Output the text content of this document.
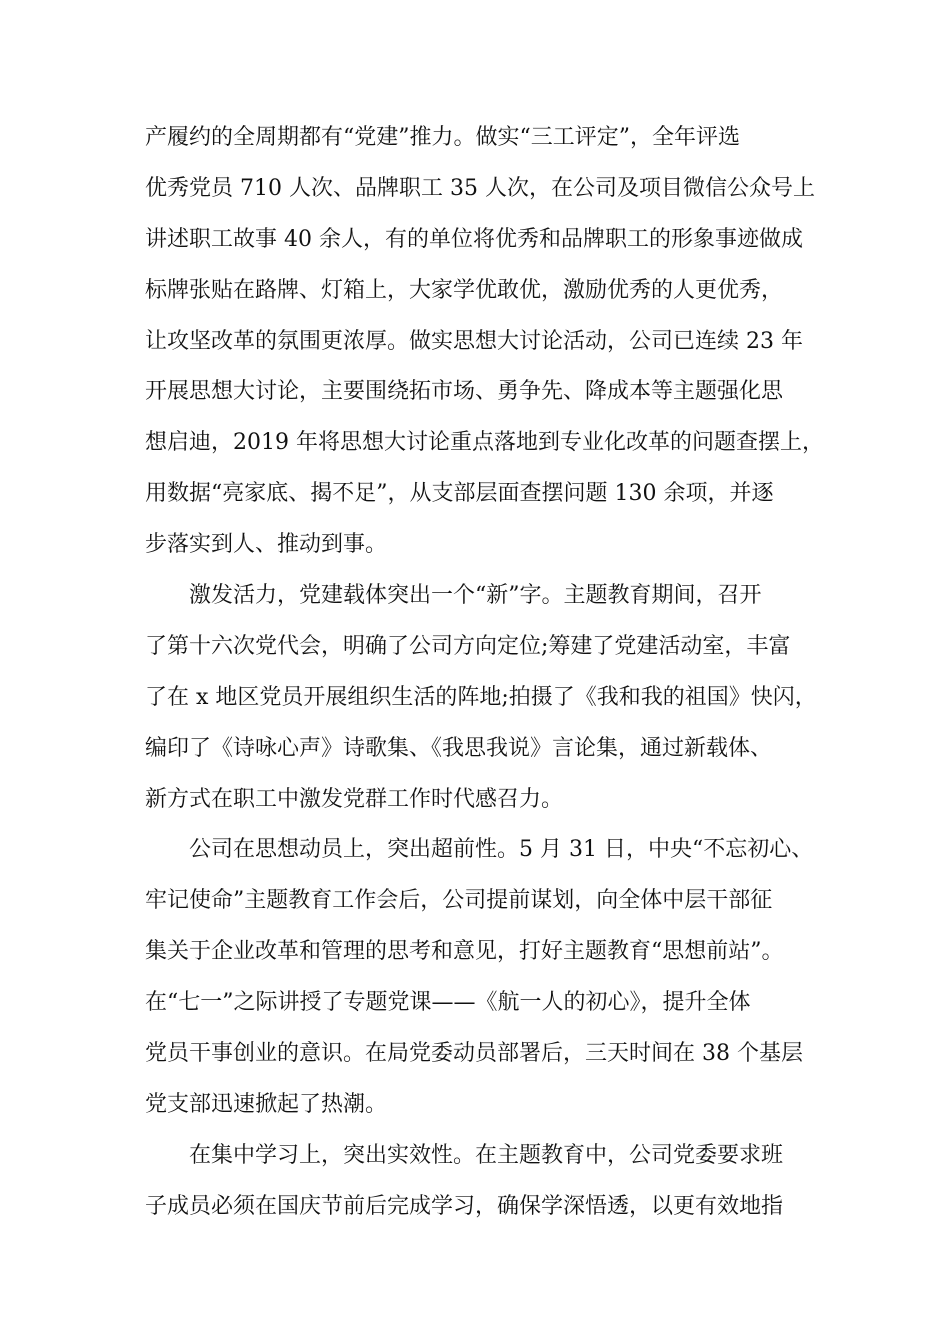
产履约的全周期都有“党建”推力。做实“三工评定”，全年评选
优秀党员 710 人次、品牌职工 35 人次，在公司及项目微信公众号上
讲述职工故事 40 余人，有的单位将优秀和品牌职工的形象事迹做成
标牌张贴在路牌、灯箱上，大家学优敢优，激励优秀的人更优秀，
让攻坚改革的氛围更浓厚。做实思想大讨论活动，公司已连续 23 年
开展思想大讨论，主要围绕拓市场、勇争先、降成本等主题强化思
想启迪，2019 年将思想大讨论重点落地到专业化改革的问题查摆上，
用数据“亮家底、揭不足”，从支部层面查摆问题 130 余项，并逐
步落实到人、推动到事。
激发活力，党建载体突出一个“新”字。主题教育期间，召开
了第十六次党代会，明确了公司方向定位;筹建了党建活动室，丰富
了在 x 地区党员开展组织生活的阵地;拍摄了《我和我的祖国》快闪，
编印了《诗咏心声》诗歌集、《我思我说》言论集，通过新载体、
新方式在职工中激发党群工作时代感召力。
公司在思想动员上，突出超前性。5 月 31 日，中央“不忘初心、
牢记使命”主题教育工作会后，公司提前谋划，向全体中层干部征
集关于企业改革和管理的思考和意见，打好主题教育“思想前站”。
在“七一”之际讲授了专题党课——《航一人的初心》，提升全体
党员干事创业的意识。在局党委动员部署后，三天时间在 38 个基层
党支部迅速掀起了热潮。
在集中学习上，突出实效性。在主题教育中，公司党委要求班
子成员必须在国庆节前后完成学习，确保学深悟透，以更有效地指
